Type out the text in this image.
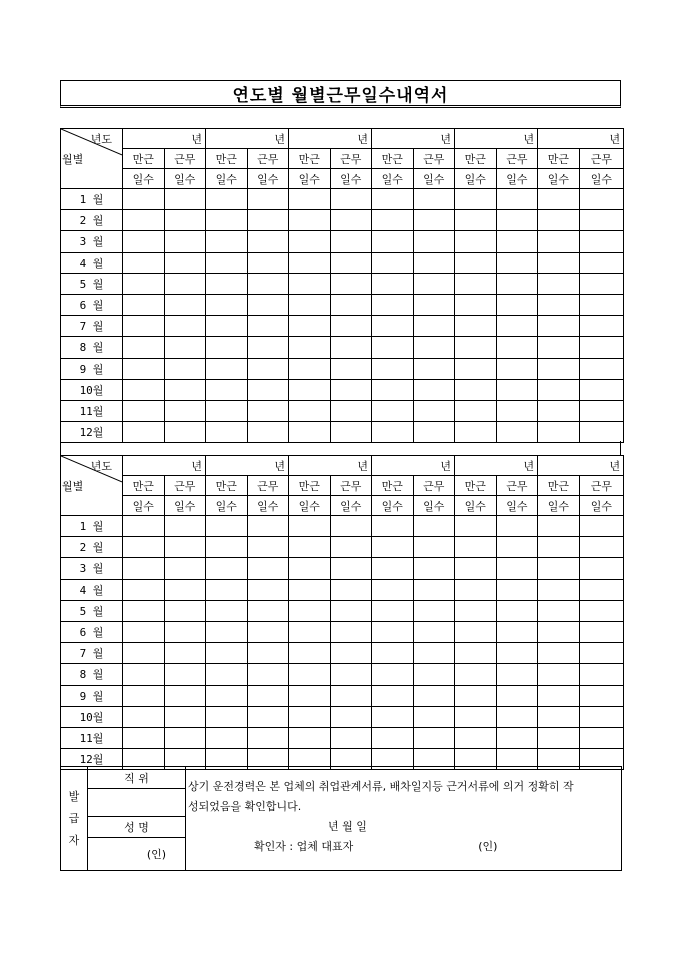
연도별 월별근무일수내역서
년도
월별	년		년		년		년		년		년	
	만근	근무	만근	근무	만근	근무	만근	근무	만근	근무	만근	근무
	일수	일수	일수	일수	일수	일수	일수	일수	일수	일수	일수	일수
1 월												
2 월												
3 월												
4 월												
5 월												
6 월												
7 월												
8 월												
9 월												
10월												
11월												
12월												
년도
월별	년		년		년		년		년		년	
	만근	근무	만근	근무	만근	근무	만근	근무	만근	근무	만근	근무
	일수	일수	일수	일수	일수	일수	일수	일수	일수	일수	일수	일수
1 월												
2 월												
3 월												
4 월												
5 월												
6 월												
7 월												
8 월												
9 월												
10월												
11월												
12월												
발
급
자
	직 위	
상기 운전경력은 본 업체의 취업관계서류, 배차일지등 근거서류에 의거 정확히 작
성되었음을 확인합니다.
년 월 일
확인자 : 업체 대표자	(인)

성 명
(인)
